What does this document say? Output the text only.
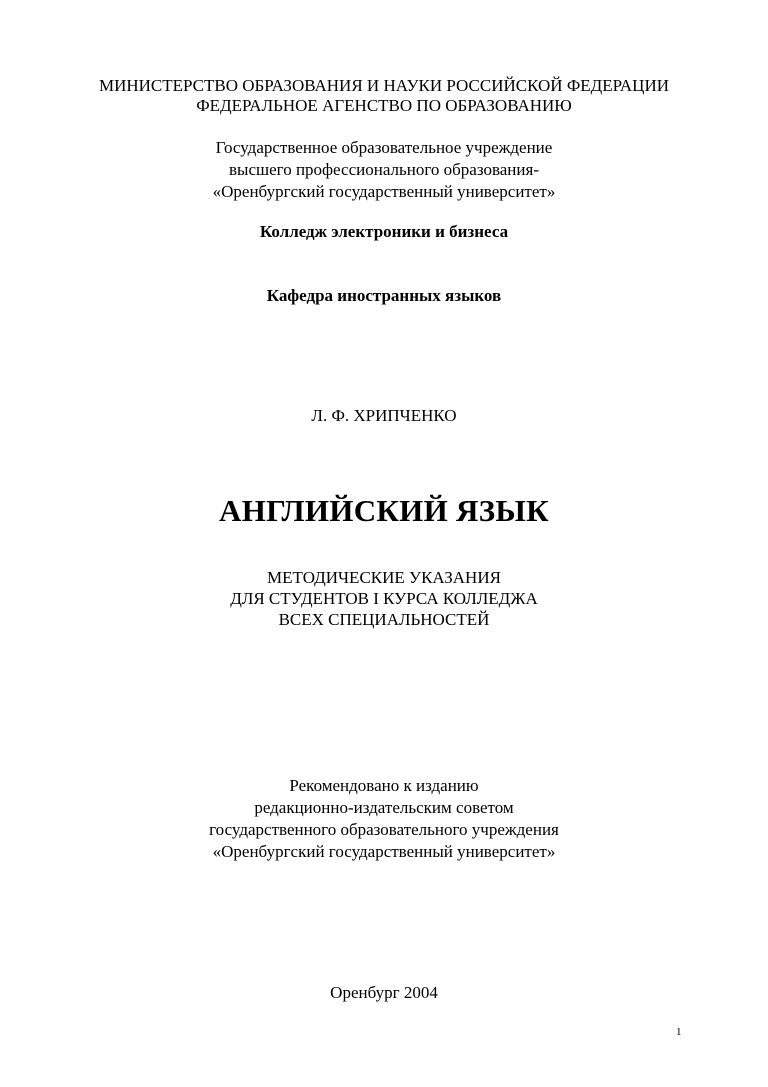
МИНИСТЕРСТВО ОБРАЗОВАНИЯ И НАУКИ РОССИЙСКОЙ ФЕДЕРАЦИИ
ФЕДЕРАЛЬНОЕ АГЕНСТВО ПО ОБРАЗОВАНИЮ
Государственное образовательное учреждение
высшего профессионального образования-
«Оренбургский государственный университет»
Колледж электроники и бизнеса
Кафедра иностранных языков
Л. Ф. ХРИПЧЕНКО
АНГЛИЙСКИЙ ЯЗЫК
МЕТОДИЧЕСКИЕ УКАЗАНИЯ
ДЛЯ СТУДЕНТОВ I КУРСА КОЛЛЕДЖА
ВСЕХ СПЕЦИАЛЬНОСТЕЙ
Рекомендовано к изданию
редакционно-издательским советом
государственного образовательного учреждения
«Оренбургский государственный университет»
Оренбург 2004
1
